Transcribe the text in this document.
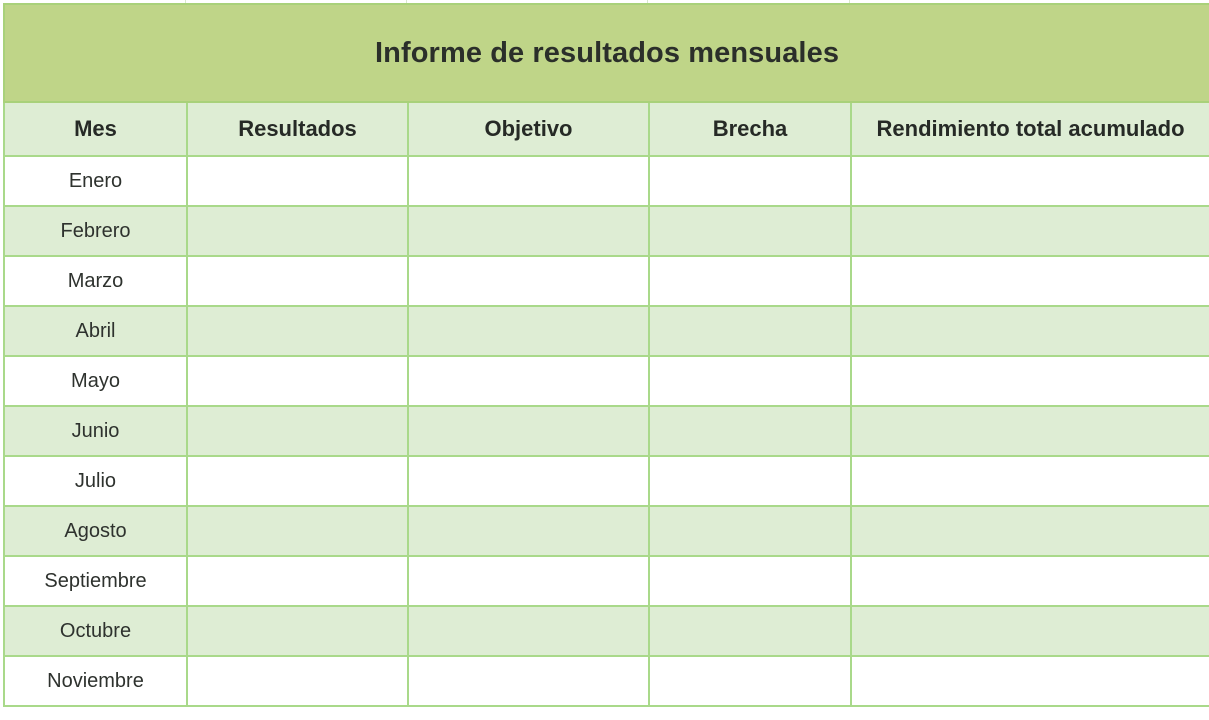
Informe de resultados mensuales				
Mes	Resultados	Objetivo	Brecha	Rendimiento total acumulado
Enero				
Febrero				
Marzo				
Abril				
Mayo				
Junio				
Julio				
Agosto				
Septiembre				
Octubre				
Noviembre				
